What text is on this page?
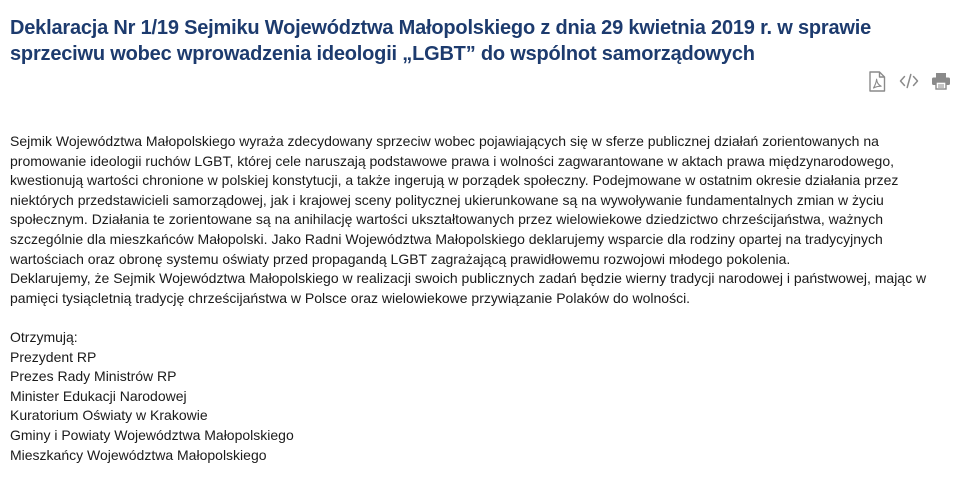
Deklaracja Nr 1/19 Sejmiku Województwa Małopolskiego z dnia 29 kwietnia 2019 r. w sprawie sprzeciwu wobec wprowadzenia ideologii „LGBT” do wspólnot samorządowych

Sejmik Województwa Małopolskiego wyraża zdecydowany sprzeciw wobec pojawiających się w sferze publicznej działań zorientowanych na promowanie ideologii ruchów LGBT, której cele naruszają podstawowe prawa i wolności zagwarantowane w aktach prawa międzynarodowego, kwestionują wartości chronione w polskiej konstytucji, a także ingerują w porządek społeczny. Podejmowane w ostatnim okresie działania przez niektórych przedstawicieli samorządowej, jak i krajowej sceny politycznej ukierunkowane są na wywoływanie fundamentalnych zmian w życiu społecznym. Działania te zorientowane są na anihilację wartości ukształtowanych przez wielowiekowe dziedzictwo chrześcijaństwa, ważnych szczególnie dla mieszkańców Małopolski. Jako Radni Województwa Małopolskiego deklarujemy wsparcie dla rodziny opartej na tradycyjnych wartościach oraz obronę systemu oświaty przed propagandą LGBT zagrażającą prawidłowemu rozwojowi młodego pokolenia.

Deklarujemy, że Sejmik Województwa Małopolskiego w realizacji swoich publicznych zadań będzie wierny tradycji narodowej i państwowej, mając w pamięci tysiącletnią tradycję chrześcijaństwa w Polsce oraz wielowiekowe przywiązanie Polaków do wolności.

Otrzymują:

Prezydent RP
Prezes Rady Ministrów RP
Minister Edukacji Narodowej
Kuratorium Oświaty w Krakowie
Gminy i Powiaty Województwa Małopolskiego
Mieszkańcy Województwa Małopolskiego
